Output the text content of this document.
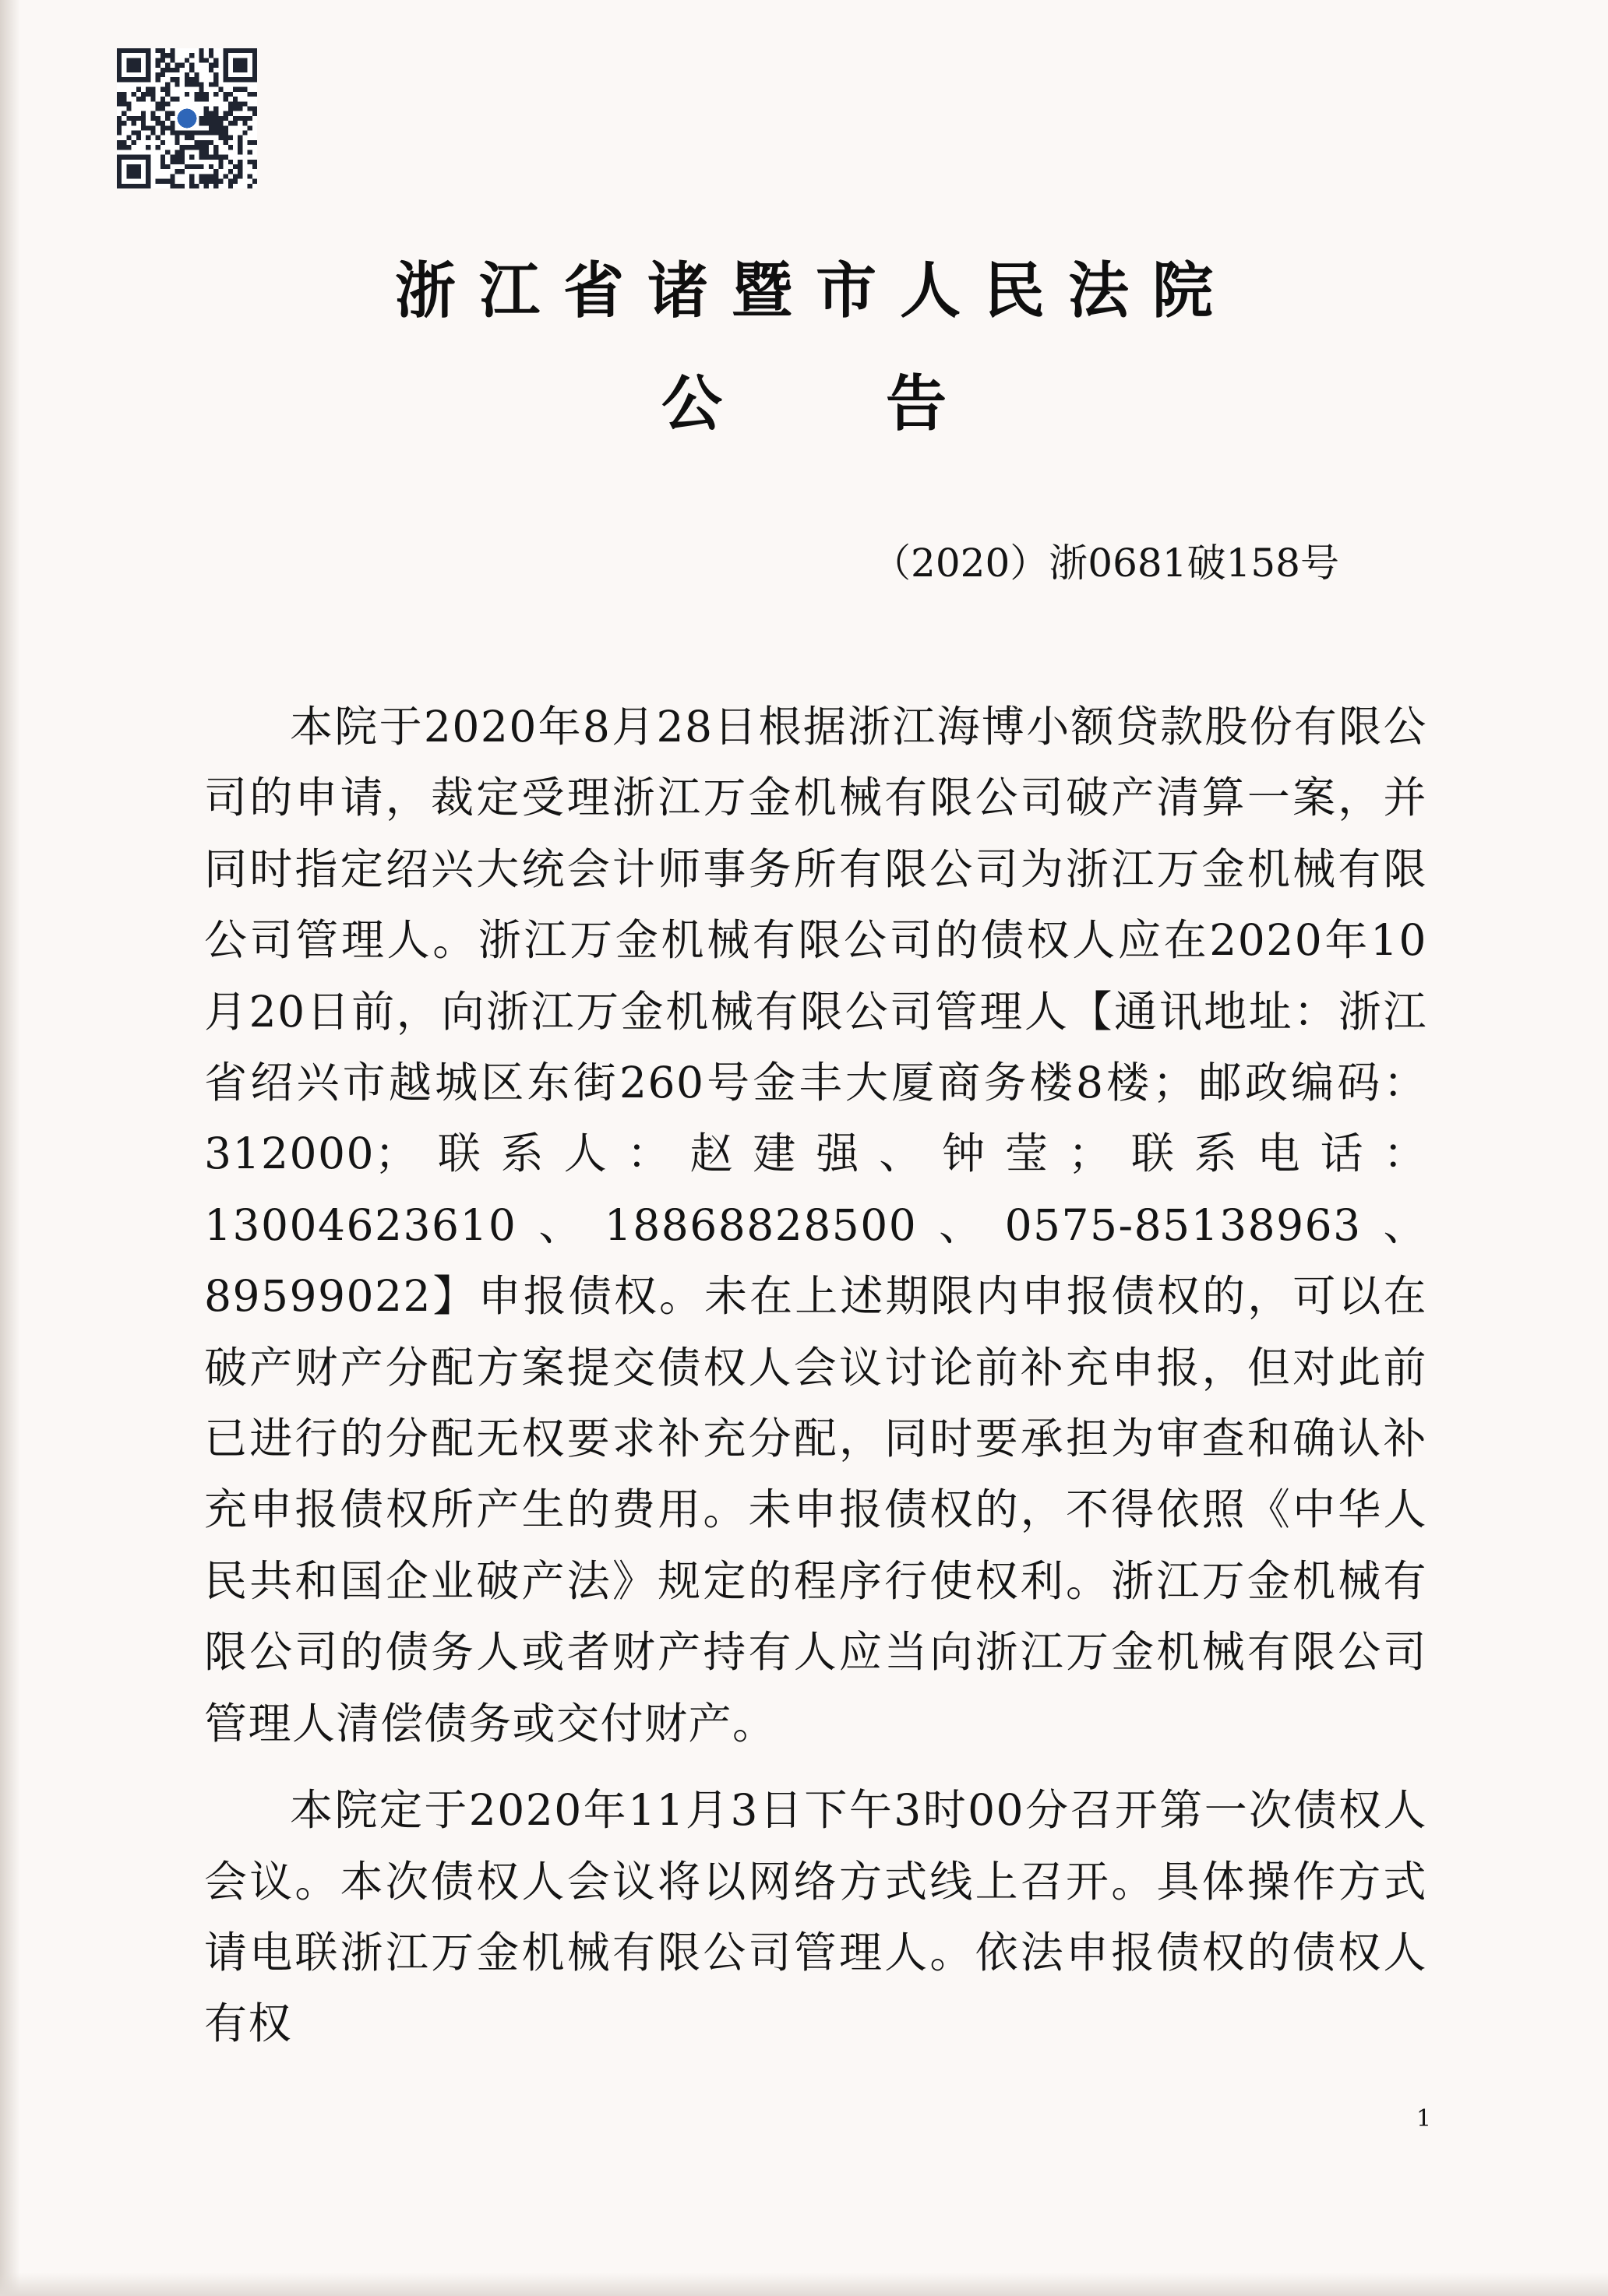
浙江省诸暨市人民法院
公告
（2020）浙0681破158号

本院于2020年8月28日根据浙江海博小额贷款股份有限公司的申请，裁定受理浙江万金机械有限公司破产清算一案，并同时指定绍兴大统会计师事务所有限公司为浙江万金机械有限公司管理人。浙江万金机械有限公司的债权人应在2020年10月20日前，向浙江万金机械有限公司管理人【通讯地址：浙江省绍兴市越城区东街260号金丰大厦商务楼8楼；邮政编码：312000；联系人：赵建强、钟莹；联系电话：13004623610、18868828500、0575-85138963、89599022】申报债权。未在上述期限内申报债权的，可以在破产财产分配方案提交债权人会议讨论前补充申报，但对此前已进行的分配无权要求补充分配，同时要承担为审查和确认补充申报债权所产生的费用。未申报债权的，不得依照《中华人民共和国企业破产法》规定的程序行使权利。浙江万金机械有限公司的债务人或者财产持有人应当向浙江万金机械有限公司管理人清偿债务或交付财产。

本院定于2020年11月3日下午3时00分召开第一次债权人会议。本次债权人会议将以网络方式线上召开。具体操作方式请电联浙江万金机械有限公司管理人。依法申报债权的债权人有权

1
